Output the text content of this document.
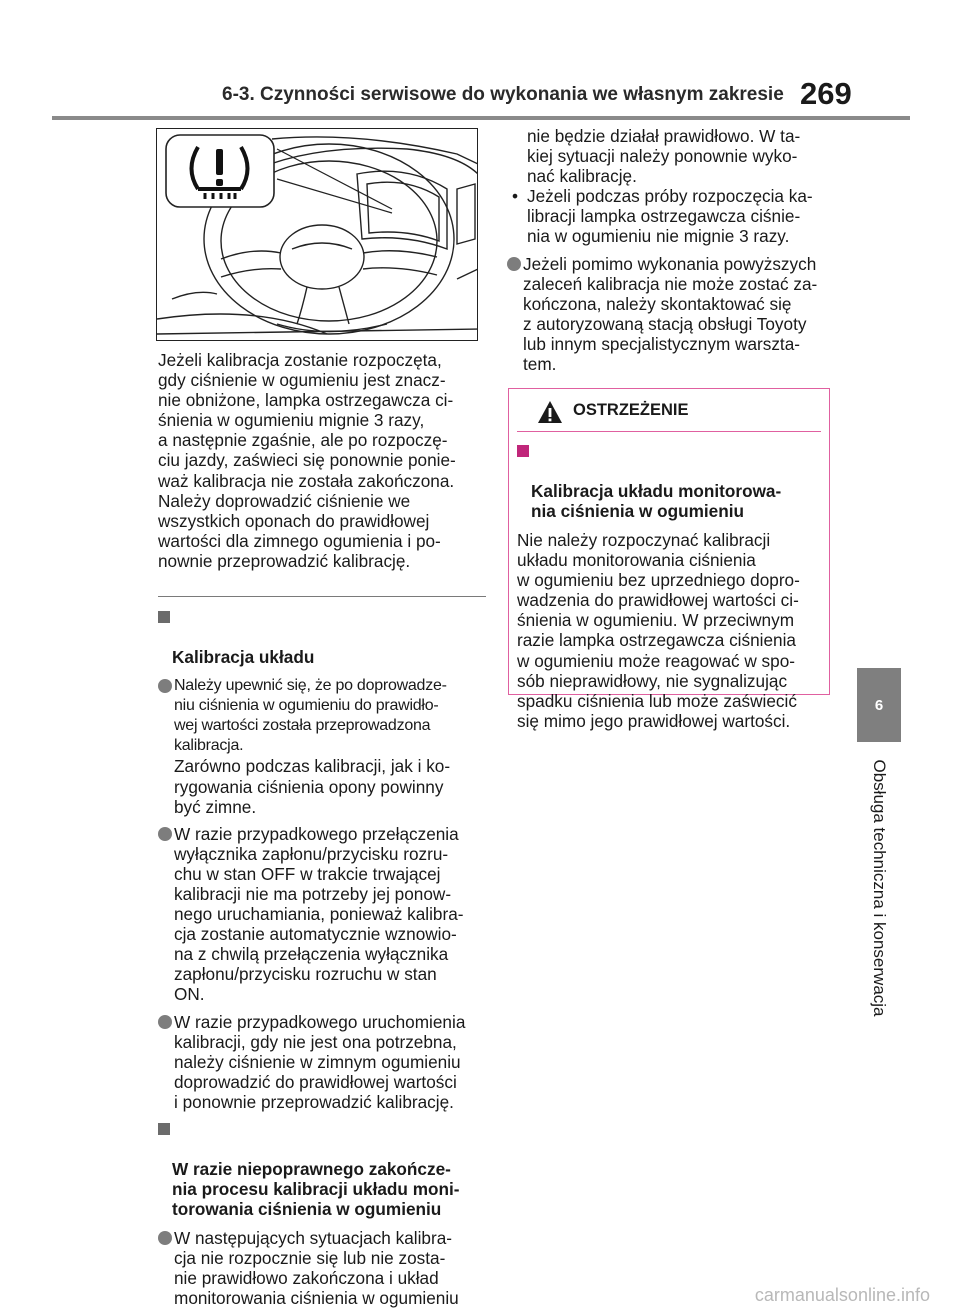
6-3. Czynności serwisowe do wykonania we własnym zakresie 269

Jeżeli kalibracja zostanie rozpoczęta,
gdy ciśnienie w ogumieniu jest znacz-
nie obniżone, lampka ostrzegawcza ci-
śnienia w ogumieniu mignie 3 razy,
a następnie zgaśnie, ale po rozpoczę-
ciu jazdy, zaświeci się ponownie ponie-
waż kalibracja nie została zakończona.
Należy doprowadzić ciśnienie we
wszystkich oponach do prawidłowej
wartości dla zimnego ogumienia i po-
nownie przeprowadzić kalibrację.

Kalibracja układu

Należy upewnić się, że po doprowadze-
niu ciśnienia w ogumieniu do prawidło-
wej wartości została przeprowadzona
kalibracja.

Zarówno podczas kalibracji, jak i ko-
rygowania ciśnienia opony powinny
być zimne.

W razie przypadkowego przełączenia
wyłącznika zapłonu/przycisku rozru-
chu w stan OFF w trakcie trwającej
kalibracji nie ma potrzeby jej ponow-
nego uruchamiania, ponieważ kalibra-
cja zostanie automatycznie wznowio-
na z chwilą przełączenia wyłącznika
zapłonu/przycisku rozruchu w stan
ON.

W razie przypadkowego uruchomienia
kalibracji, gdy nie jest ona potrzebna,
należy ciśnienie w zimnym ogumieniu
doprowadzić do prawidłowej wartości
i ponownie przeprowadzić kalibrację.

W razie niepoprawnego zakończe-
nia procesu kalibracji układu moni-
torowania ciśnienia w ogumieniu

W następujących sytuacjach kalibra-
cja nie rozpocznie się lub nie zosta-
nie prawidłowo zakończona i układ
monitorowania ciśnienia w ogumieniu

nie będzie działał prawidłowo. W ta-
kiej sytuacji należy ponownie wyko-
nać kalibrację.

• Jeżeli podczas próby rozpoczęcia ka-
libracji lampka ostrzegawcza ciśnie-
nia w ogumieniu nie mignie 3 razy.

Jeżeli pomimo wykonania powyższych
zaleceń kalibracja nie może zostać za-
kończona, należy skontaktować się
z autoryzowaną stacją obsługi Toyoty
lub innym specjalistycznym warszta-
tem.

OSTRZEŻENIE

Kalibracja układu monitorowa-
nia ciśnienia w ogumieniu

Nie należy rozpoczynać kalibracji
układu monitorowania ciśnienia
w ogumieniu bez uprzedniego dopro-
wadzenia do prawidłowej wartości ci-
śnienia w ogumieniu. W przeciwnym
razie lampka ostrzegawcza ciśnienia
w ogumieniu może reagować w spo-
sób nieprawidłowy, nie sygnalizując
spadku ciśnienia lub może zaświecić
się mimo jego prawidłowej wartości.

6
Obsługa techniczna i konserwacja
carmanualsonline.info
